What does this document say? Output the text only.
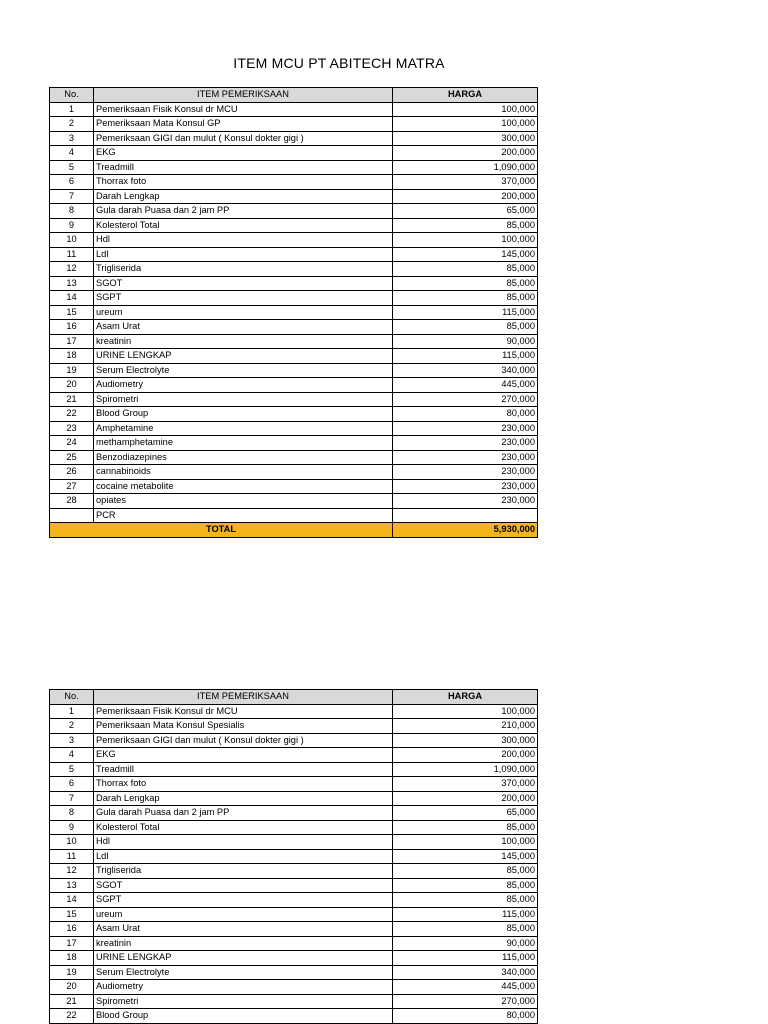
ITEM MCU PT ABITECH MATRA
No.	ITEM PEMERIKSAAN	HARGA
1	Pemeriksaan Fisik Konsul dr MCU	100,000
2	Pemeriksaan Mata Konsul GP	100,000
3	Pemeriksaan GIGI dan mulut ( Konsul dokter gigi )	300,000
4	EKG	200,000
5	Treadmill	1,090,000
6	Thorrax foto	370,000
7	Darah Lengkap	200,000
8	Gula darah Puasa dan 2 jam PP	65,000
9	Kolesterol Total	85,000
10	Hdl	100,000
11	Ldl	145,000
12	Trigliserida	85,000
13	SGOT	85,000
14	SGPT	85,000
15	ureum	115,000
16	Asam Urat	85,000
17	kreatinin	90,000
18	URINE LENGKAP	115,000
19	Serum Electrolyte	340,000
20	Audiometry	445,000
21	Spirometri	270,000
22	Blood Group	80,000
23	Amphetamine	230,000
24	methamphetamine	230,000
25	Benzodiazepines	230,000
26	cannabinoids	230,000
27	cocaine metabolite	230,000
28	opiates	230,000
	PCR	
TOTAL		5,930,000
No.	ITEM PEMERIKSAAN	HARGA
1	Pemeriksaan Fisik Konsul dr MCU	100,000
2	Pemeriksaan Mata Konsul Spesialis	210,000
3	Pemeriksaan GIGI dan mulut ( Konsul dokter gigi )	300,000
4	EKG	200,000
5	Treadmill	1,090,000
6	Thorrax foto	370,000
7	Darah Lengkap	200,000
8	Gula darah Puasa dan 2 jam PP	65,000
9	Kolesterol Total	85,000
10	Hdl	100,000
11	Ldl	145,000
12	Trigliserida	85,000
13	SGOT	85,000
14	SGPT	85,000
15	ureum	115,000
16	Asam Urat	85,000
17	kreatinin	90,000
18	URINE LENGKAP	115,000
19	Serum Electrolyte	340,000
20	Audiometry	445,000
21	Spirometri	270,000
22	Blood Group	80,000
